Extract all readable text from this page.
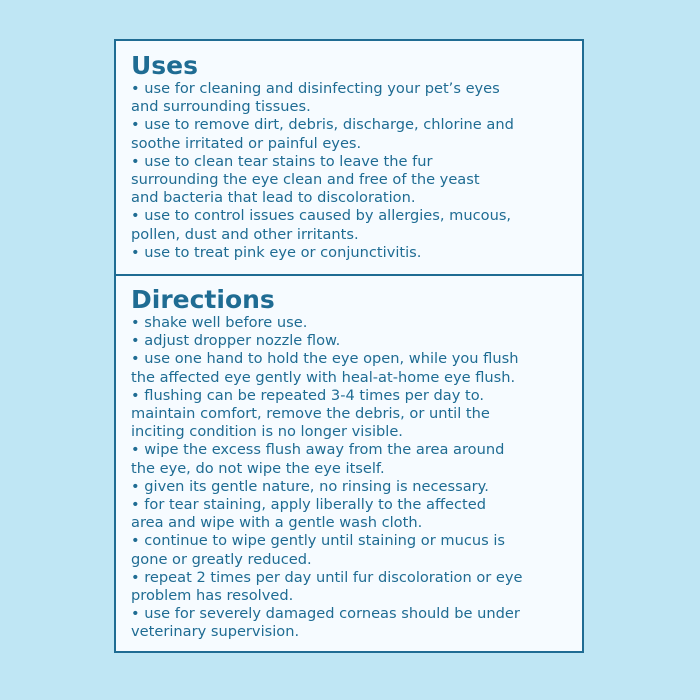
Uses
• use for cleaning and disinfecting your pet’s eyes
and surrounding tissues.
• use to remove dirt, debris, discharge, chlorine and
soothe irritated or painful eyes.
• use to clean tear stains to leave the fur
surrounding the eye clean and free of the yeast
and bacteria that lead to discoloration.
• use to control issues caused by allergies, mucous,
pollen, dust and other irritants.
• use to treat pink eye or conjunctivitis.
Directions
• shake well before use.
• adjust dropper nozzle flow.
• use one hand to hold the eye open, while you flush
the affected eye gently with heal-at-home eye flush.
• flushing can be repeated 3-4 times per day to.
maintain comfort, remove the debris, or until the
inciting condition is no longer visible.
• wipe the excess flush away from the area around
the eye, do not wipe the eye itself.
• given its gentle nature, no rinsing is necessary.
• for tear staining, apply liberally to the affected
area and wipe with a gentle wash cloth.
• continue to wipe gently until staining or mucus is
gone or greatly reduced.
• repeat 2 times per day until fur discoloration or eye
problem has resolved.
• use for severely damaged corneas should be under
veterinary supervision.
